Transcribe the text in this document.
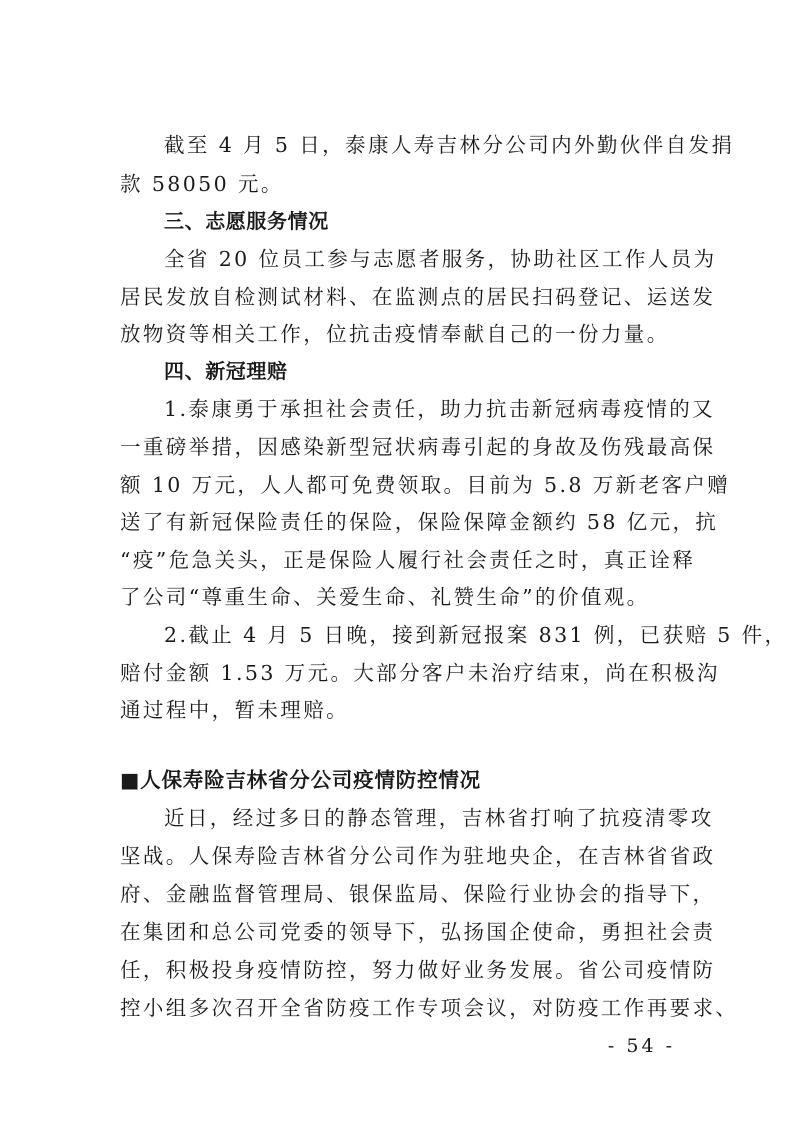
截至 4 月 5 日，泰康人寿吉林分公司内外勤伙伴自发捐
款 58050 元。
三、志愿服务情况
全省 20 位员工参与志愿者服务，协助社区工作人员为
居民发放自检测试材料、在监测点的居民扫码登记、运送发
放物资等相关工作，位抗击疫情奉献自己的一份力量。
四、新冠理赔
1.泰康勇于承担社会责任，助力抗击新冠病毒疫情的又
一重磅举措，因感染新型冠状病毒引起的身故及伤残最高保
额 10 万元，人人都可免费领取。目前为 5.8 万新老客户赠
送了有新冠保险责任的保险，保险保障金额约 58 亿元，抗
“疫”危急关头，正是保险人履行社会责任之时，真正诠释
了公司“尊重生命、关爱生命、礼赞生命”的价值观。
2.截止 4 月 5 日晚，接到新冠报案 831 例，已获赔 5 件，
赔付金额 1.53 万元。大部分客户未治疗结束，尚在积极沟
通过程中，暂未理赔。
■人保寿险吉林省分公司疫情防控情况
近日，经过多日的静态管理，吉林省打响了抗疫清零攻
坚战。人保寿险吉林省分公司作为驻地央企，在吉林省省政
府、金融监督管理局、银保监局、保险行业协会的指导下，
在集团和总公司党委的领导下，弘扬国企使命，勇担社会责
任，积极投身疫情防控，努力做好业务发展。省公司疫情防
控小组多次召开全省防疫工作专项会议，对防疫工作再要求、
- 54 -
